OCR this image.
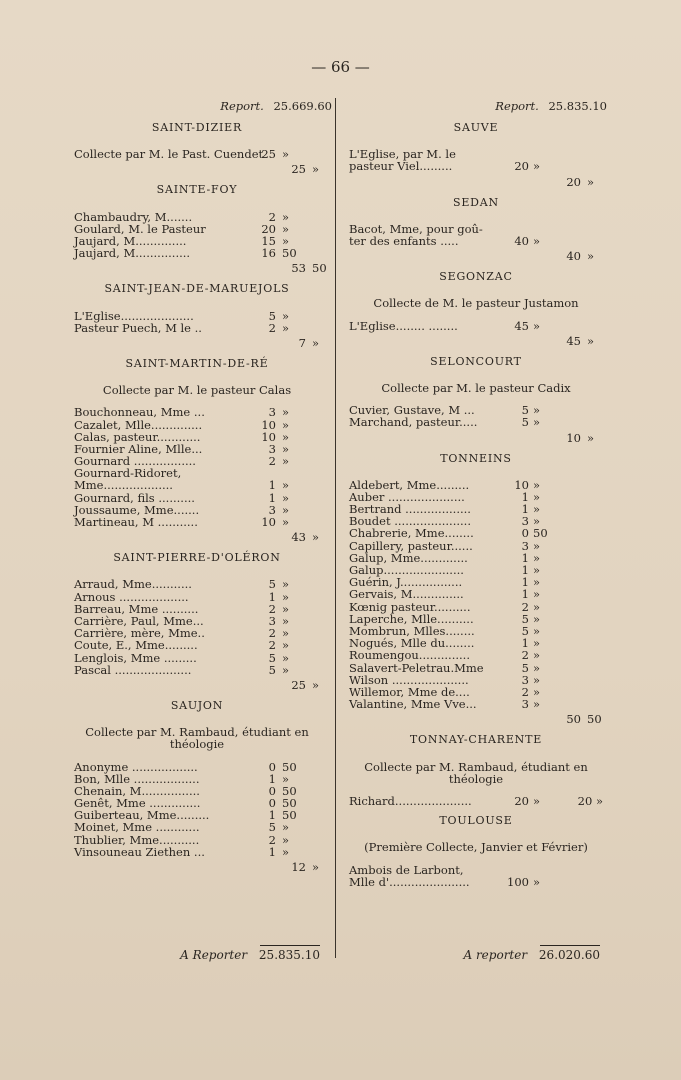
— 66 —
Report. 25.669.60
SAINT-DIZIER
Collecte par M. le Past. Cuendet
25 »
25 »
SAINTE-FOY
Chambaudry, M.......	2 »
Goulard, M. le Pasteur	20 »
Jaujard, M..............	15 »
Jaujard, M...............	16 50
53 50
SAINT-JEAN-DE-MARUEJOLS
L'Eglise....................	5 »
Pasteur Puech, M le ..	2 »
7 »
SAINT-MARTIN-DE-RÉ
Collecte par M. le pasteur Calas
Bouchonneau, Mme ...	3 »
Cazalet, Mlle..............	10 »
Calas, pasteur............	10 »
Fournier Aline, Mlle...	3 »
Gournard .................	2 »
Gournard-Ridoret,
Mme...................	1 »
Gournard, fils ..........	1 »
Joussaume, Mme.......	3 »
Martineau, M ...........	10 »
43 »
SAINT-PIERRE-D'OLÉRON
Arraud, Mme...........	5 »
Arnous ...................	1 »
Barreau, Mme ..........	2 »
Carrière, Paul, Mme...	3 »
Carrière, mère, Mme..	2 »
Coute, E., Mme.........	2 »
Lenglois, Mme .........	5 »
Pascal .....................	5 »
25 »
SAUJON
Collecte par M. Rambaud, étudiant en théologie
Anonyme ..................	0 50
Bon, Mlle ..................	1 »
Chenain, M................	0 50
Genêt, Mme ..............	0 50
Guiberteau, Mme.........	1 50
Moinet, Mme ............	5 »
Thublier, Mme...........	2 »
Vinsouneau Ziethen ...	1 »
12 »
Report. 25.835.10
SAUVE
L'Eglise, par M. le
pasteur Viel.........	20 »
20 »
SEDAN
Bacot, Mme, pour goû-
ter des enfants .....	40 »
40 »
SEGONZAC
Collecte de M. le pasteur Justamon
L'Eglise........ ........	45 »
45 »
SELONCOURT
Collecte par M. le pasteur Cadix
Cuvier, Gustave, M ...	5 »
Marchand, pasteur.....	5 »
10 »
TONNEINS
Aldebert, Mme.........	10 »
Auber .....................	1 »
Bertrand ..................	1 »
Boudet .....................	3 »
Chabrerie, Mme........	0 50
Capillery, pasteur......	3 »
Galup, Mme.............	1 »
Galup......................	1 »
Guérin, J.................	1 »
Gervais, M..............	1 »
Kœnig pasteur..........	2 »
Laperche, Mlle..........	5 »
Mombrun, Mlles........	5 »
Nogués, Mlle du........	1 »
Roumengou..............	2 »
Salavert-Peletrau.Mme	5 »
Wilson .....................	3 »
Willemor, Mme de....	2 »
Valantine, Mme Vve...	3 »
50 50
TONNAY-CHARENTE
Collecte par M. Rambaud, étudiant en théologie
Richard.....................	20 »	20 »
TOULOUSE
(Première Collecte, Janvier et Février)
Ambois de Larbont,
Mlle d'......................	100 »
A Reporter 25.835.10	A reporter 26.020.60
